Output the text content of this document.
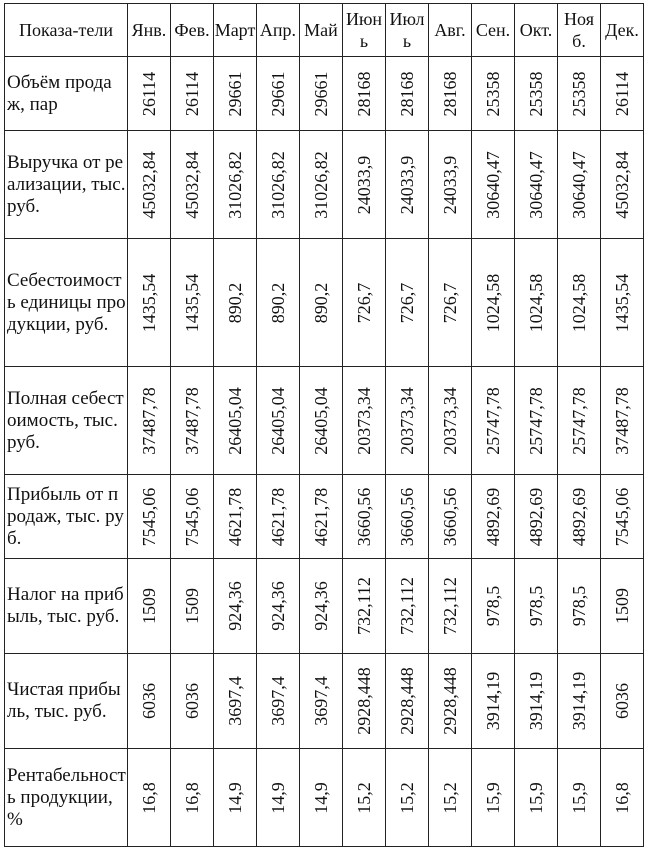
Показа-тели	Янв.	Фев.	Март	Апр.	Май	Июнь	Июль	Авг.	Сен.	Окт.	Нояб.	Дек.
Объём продаж, пар	26114	26114	29661	29661	29661	28168	28168	28168	25358	25358	25358	26114

Выручка от реализации, тыс. руб.	45032,84	45032,84	31026,82	31026,82	31026,82	24033,9	24033,9	24033,9	30640,47	30640,47	30640,47	45032,84

Себестоимость единицы продукции, руб.	1435,54	1435,54	890,2	890,2	890,2	726,7	726,7	726,7	1024,58	1024,58	1024,58	1435,54

Полная себестоимость, тыс. руб.	37487,78	37487,78	26405,04	26405,04	26405,04	20373,34	20373,34	20373,34	25747,78	25747,78	25747,78	37487,78

Прибыль от продаж, тыс. руб.	7545,06	7545,06	4621,78	4621,78	4621,78	3660,56	3660,56	3660,56	4892,69	4892,69	4892,69	7545,06

Налог на прибыль, тыс. руб.	1509	1509	924,36	924,36	924,36	732,112	732,112	732,112	978,5	978,5	978,5	1509

Чистая прибыль, тыс. руб.	6036	6036	3697,4	3697,4	3697,4	2928,448	2928,448	2928,448	3914,19	3914,19	3914,19	6036

Рентабельность продукции, %	16,8	16,8	14,9	14,9	14,9	15,2	15,2	15,2	15,9	15,9	15,9	16,8
